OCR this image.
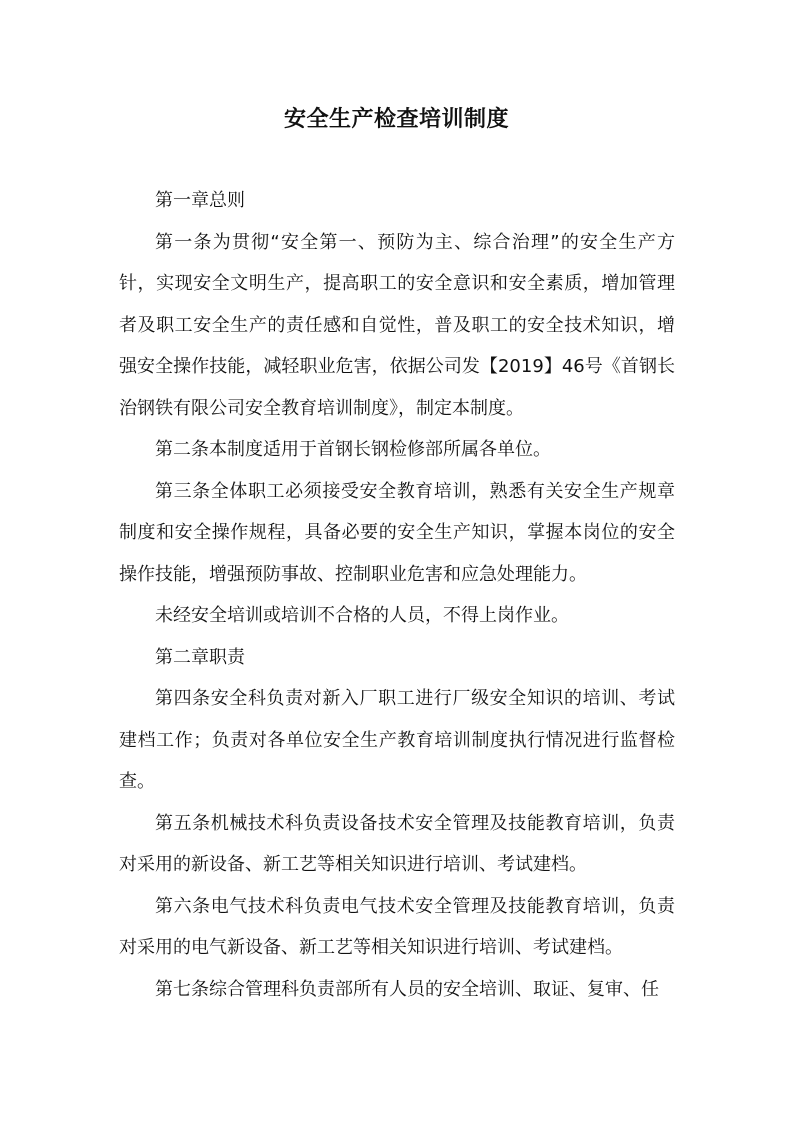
安全生产检查培训制度

第一章总则

第一条为贯彻“安全第一、预防为主、综合治理”的安全生产方针，实现安全文明生产，提高职工的安全意识和安全素质，增加管理者及职工安全生产的责任感和自觉性，普及职工的安全技术知识，增强安全操作技能，减轻职业危害，依据公司发【2019】46号《首钢长治钢铁有限公司安全教育培训制度》，制定本制度。

第二条本制度适用于首钢长钢检修部所属各单位。

第三条全体职工必须接受安全教育培训，熟悉有关安全生产规章制度和安全操作规程，具备必要的安全生产知识，掌握本岗位的安全操作技能，增强预防事故、控制职业危害和应急处理能力。

未经安全培训或培训不合格的人员，不得上岗作业。

第二章职责

第四条安全科负责对新入厂职工进行厂级安全知识的培训、考试建档工作；负责对各单位安全生产教育培训制度执行情况进行监督检查。

第五条机械技术科负责设备技术安全管理及技能教育培训，负责对采用的新设备、新工艺等相关知识进行培训、考试建档。

第六条电气技术科负责电气技术安全管理及技能教育培训，负责对采用的电气新设备、新工艺等相关知识进行培训、考试建档。

第七条综合管理科负责部所有人员的安全培训、取证、复审、任
